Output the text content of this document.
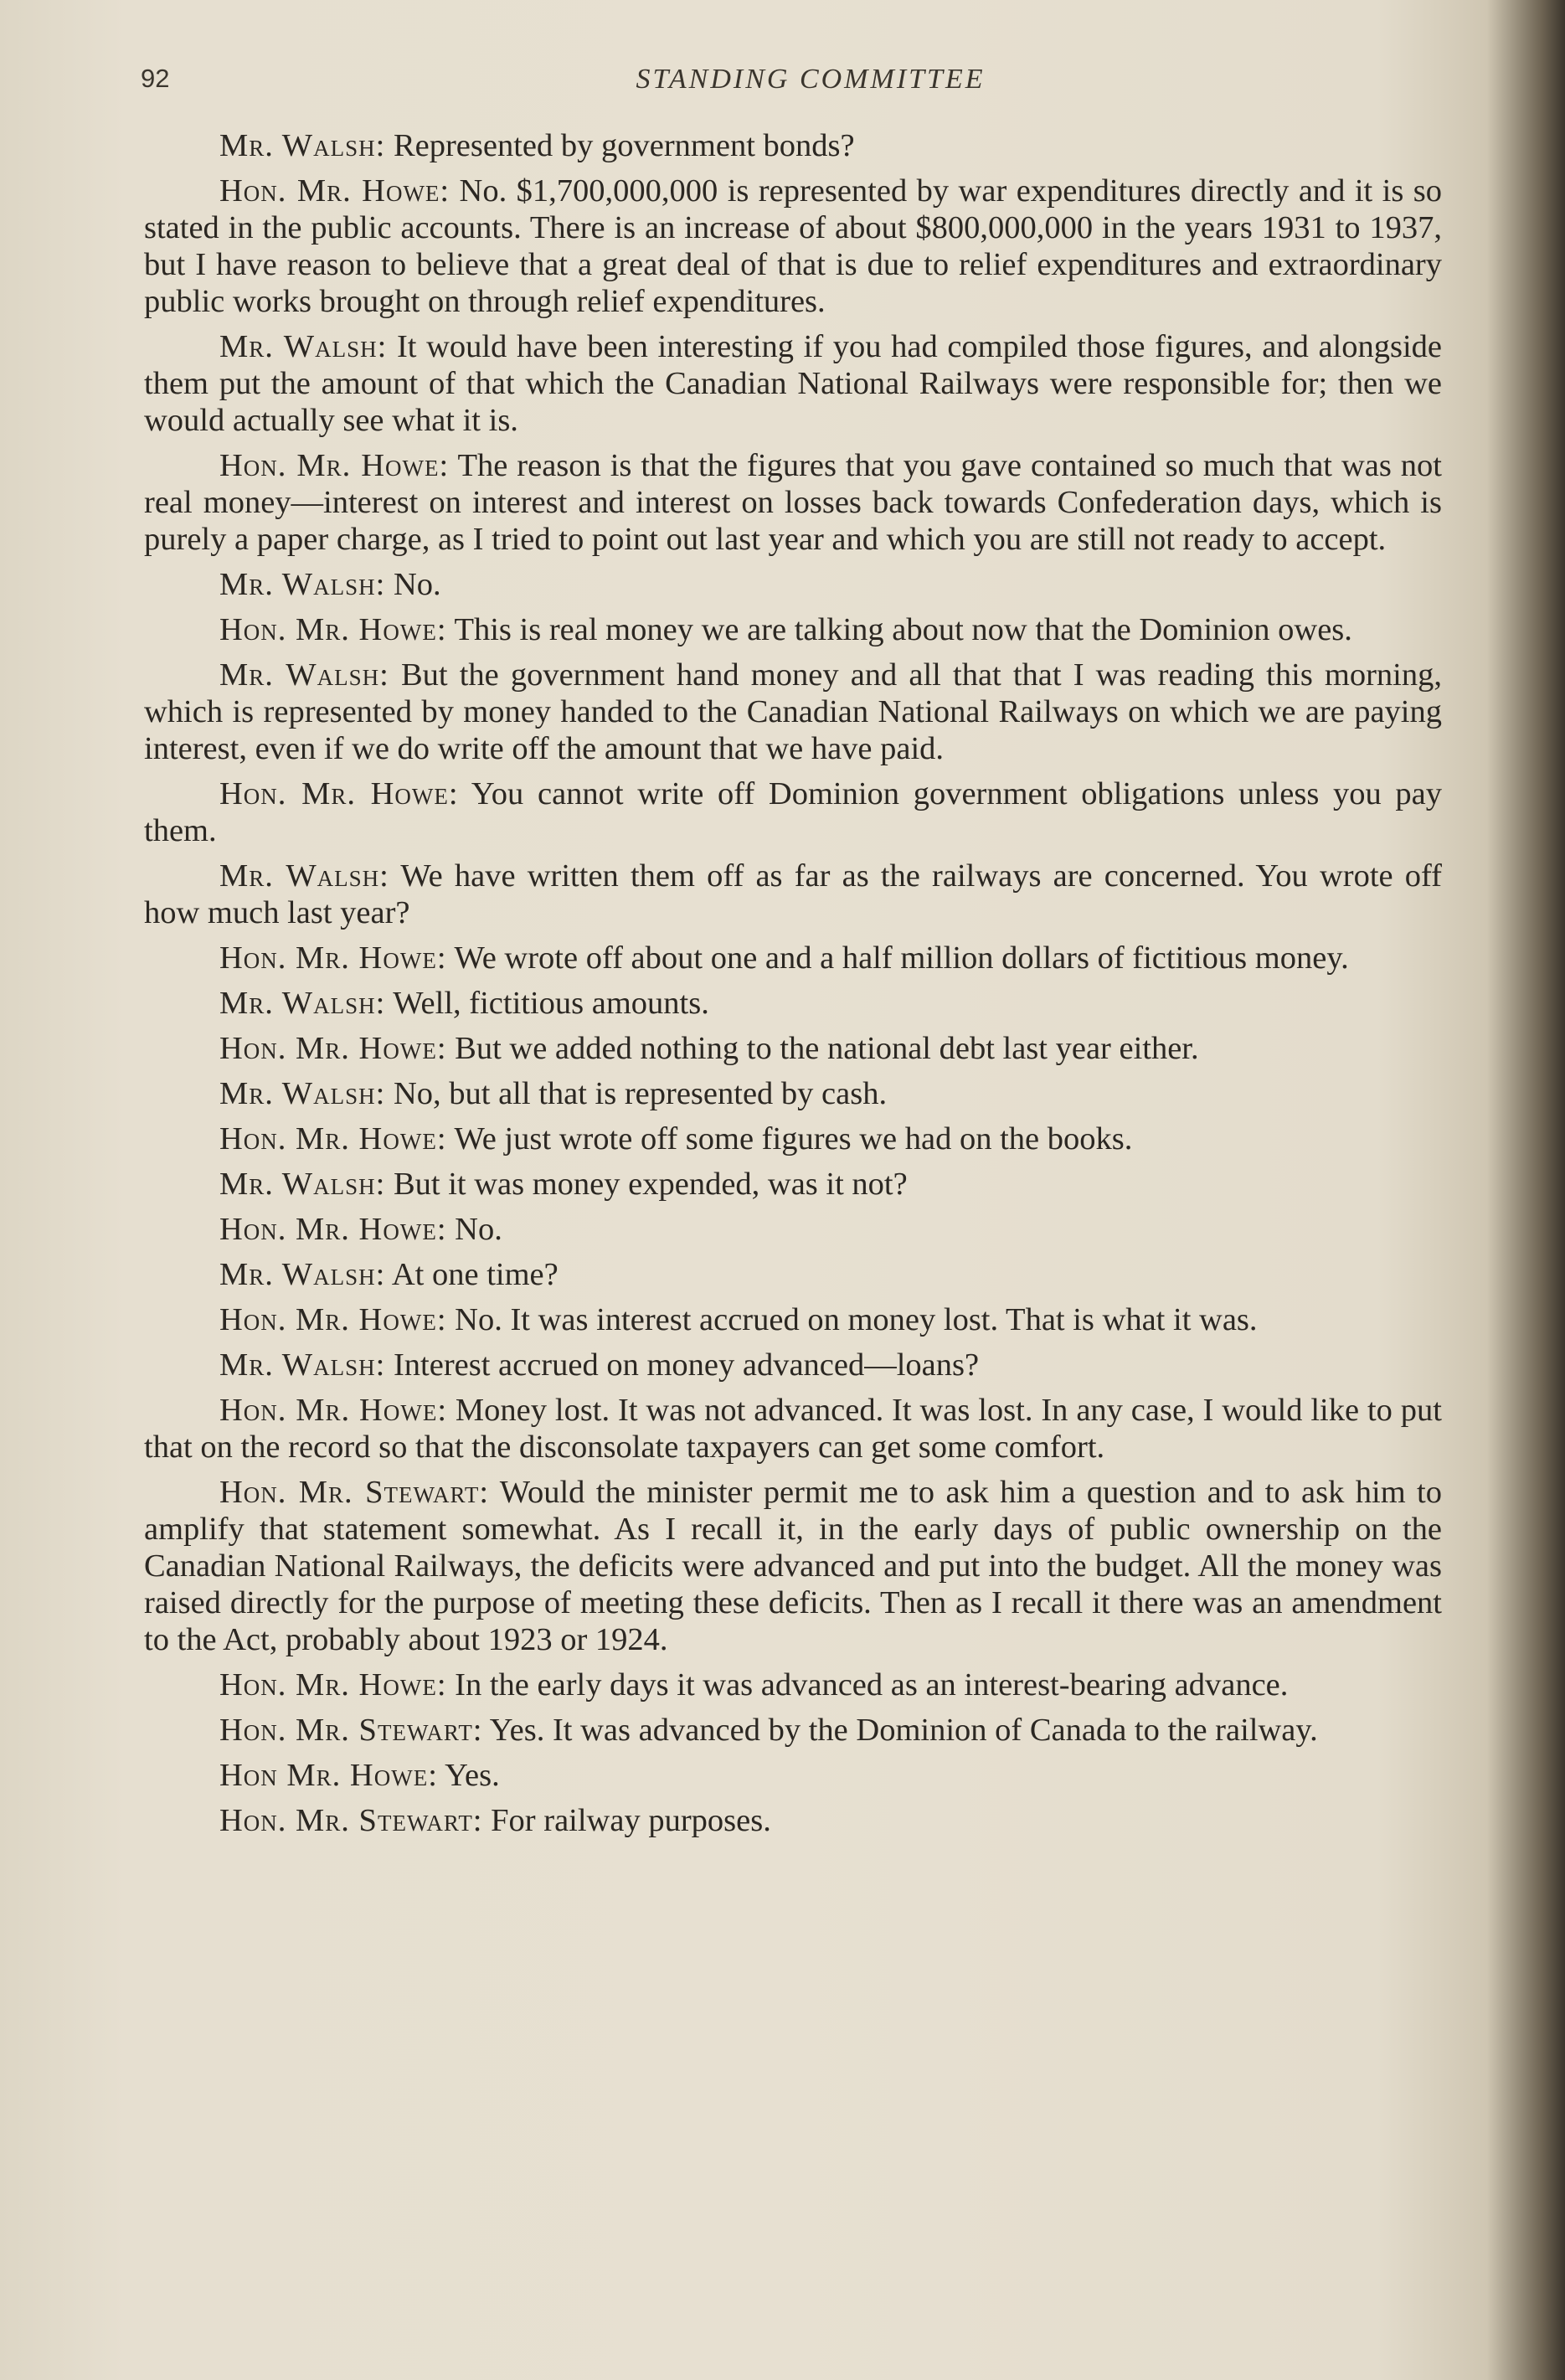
92	STANDING COMMITTEE

Mr. Walsh: Represented by government bonds?

Hon. Mr. Howe: No. $1,700,000,000 is represented by war expenditures directly and it is so stated in the public accounts. There is an increase of about $800,000,000 in the years 1931 to 1937, but I have reason to believe that a great deal of that is due to relief expenditures and extraordinary public works brought on through relief expenditures.

Mr. Walsh: It would have been interesting if you had compiled those figures, and alongside them put the amount of that which the Canadian National Railways were responsible for; then we would actually see what it is.

Hon. Mr. Howe: The reason is that the figures that you gave contained so much that was not real money—interest on interest and interest on losses back towards Confederation days, which is purely a paper charge, as I tried to point out last year and which you are still not ready to accept.

Mr. Walsh: No.

Hon. Mr. Howe: This is real money we are talking about now that the Dominion owes.

Mr. Walsh: But the government hand money and all that that I was reading this morning, which is represented by money handed to the Canadian National Railways on which we are paying interest, even if we do write off the amount that we have paid.

Hon. Mr. Howe: You cannot write off Dominion government obligations unless you pay them.

Mr. Walsh: We have written them off as far as the railways are concerned. You wrote off how much last year?

Hon. Mr. Howe: We wrote off about one and a half million dollars of fictitious money.

Mr. Walsh: Well, fictitious amounts.

Hon. Mr. Howe: But we added nothing to the national debt last year either.

Mr. Walsh: No, but all that is represented by cash.

Hon. Mr. Howe: We just wrote off some figures we had on the books.

Mr. Walsh: But it was money expended, was it not?

Hon. Mr. Howe: No.

Mr. Walsh: At one time?

Hon. Mr. Howe: No. It was interest accrued on money lost. That is what it was.

Mr. Walsh: Interest accrued on money advanced—loans?

Hon. Mr. Howe: Money lost. It was not advanced. It was lost. In any case, I would like to put that on the record so that the disconsolate taxpayers can get some comfort.

Hon. Mr. Stewart: Would the minister permit me to ask him a question and to ask him to amplify that statement somewhat. As I recall it, in the early days of public ownership on the Canadian National Railways, the deficits were advanced and put into the budget. All the money was raised directly for the purpose of meeting these deficits. Then as I recall it there was an amendment to the Act, probably about 1923 or 1924.

Hon. Mr. Howe: In the early days it was advanced as an interest-bearing advance.

Hon. Mr. Stewart: Yes. It was advanced by the Dominion of Canada to the railway.

Hon Mr. Howe: Yes.

Hon. Mr. Stewart: For railway purposes.
